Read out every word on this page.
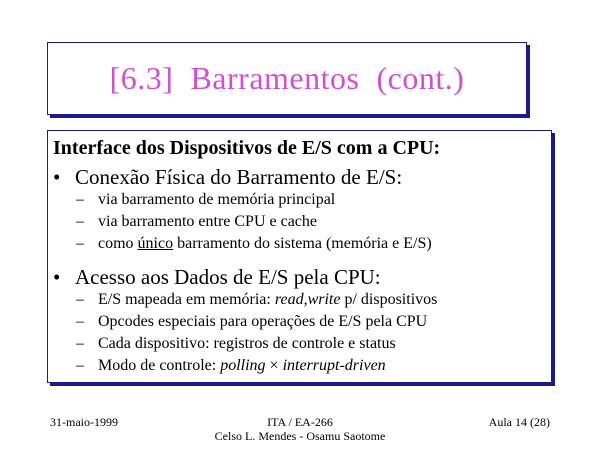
[6.3]  Barramentos  (cont.)
Interface dos Dispositivos de E/S com a CPU:
• Conexão Física do Barramento de E/S:
– via barramento de memória principal
– via barramento entre CPU e cache
– como único barramento do sistema (memória e E/S)
• Acesso aos Dados de E/S pela CPU:
– E/S mapeada em memória: read,write p/ dispositivos
– Opcodes especiais para operações de E/S pela CPU
– Cada dispositivo: registros de controle e status
– Modo de controle: polling × interrupt-driven
31-maio-1999	ITA / EA-266
Celso L. Mendes - Osamu Saotome
Aula 14 (28)
